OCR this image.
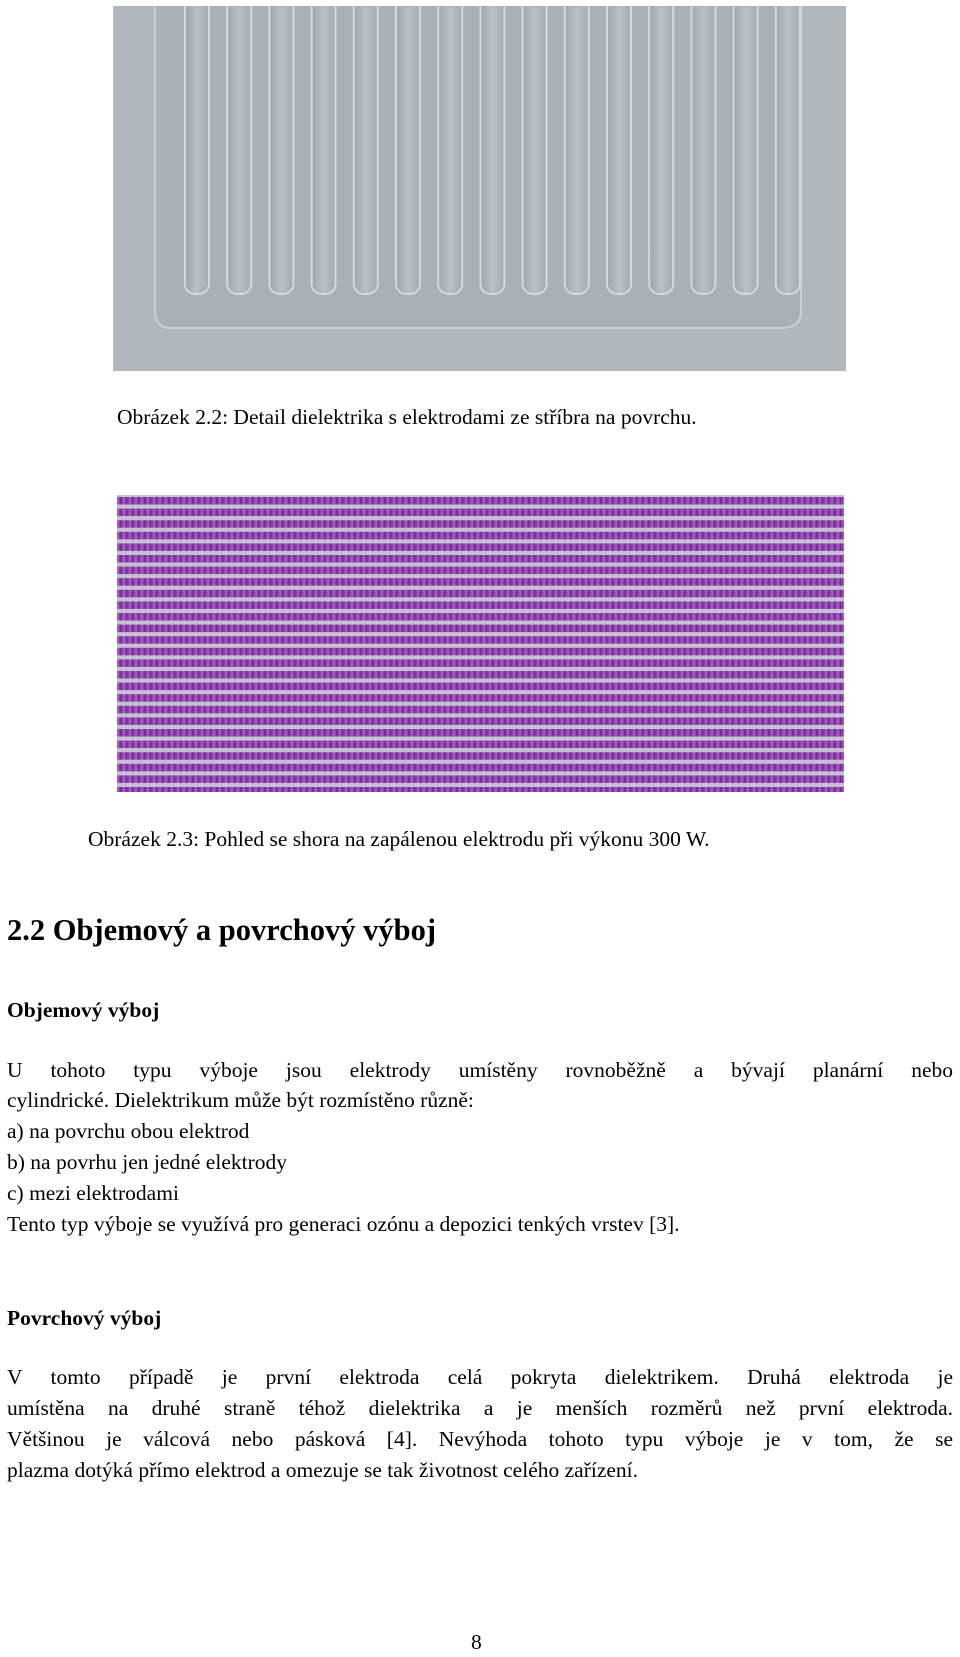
Obrázek 2.2: Detail dielektrika s elektrodami ze stříbra na povrchu.
Obrázek 2.3: Pohled se shora na zapálenou elektrodu při výkonu 300 W.
2.2 Objemový a povrchový výboj
Objemový výboj
U tohoto typu výboje jsou elektrody umístěny rovnoběžně a bývají planární nebo
cylindrické. Dielektrikum může být rozmístěno různě:
a) na povrchu obou elektrod
b) na povrhu jen jedné elektrody
c) mezi elektrodami
Tento typ výboje se využívá pro generaci ozónu a depozici tenkých vrstev [3].
Povrchový výboj
V tomto případě je první elektroda celá pokryta dielektrikem. Druhá elektroda je
umístěna na druhé straně téhož dielektrika a je menších rozměrů než první elektroda.
Většinou je válcová nebo pásková [4]. Nevýhoda tohoto typu výboje je v tom, že se
plazma dotýká přímo elektrod a omezuje se tak životnost celého zařízení.
8
